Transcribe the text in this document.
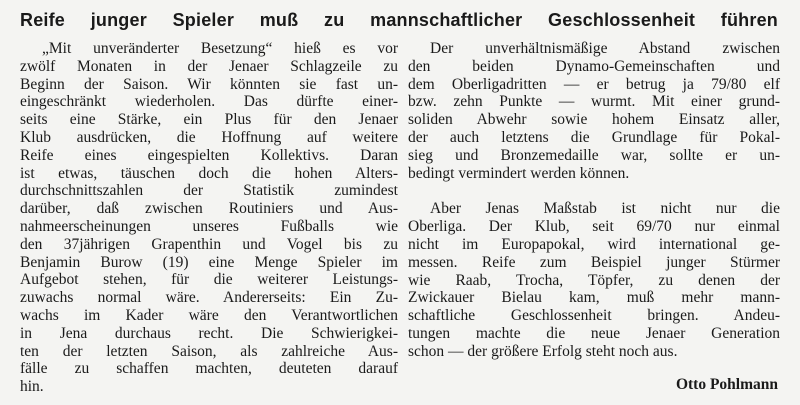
Reife junger Spieler muß zu mannschaftlicher Geschlossenheit führen
„Mit unveränderter Besetzung“ hieß es vor
zwölf Monaten in der Jenaer Schlagzeile zu
Beginn der Saison. Wir könnten sie fast un-
eingeschränkt wiederholen. Das dürfte einer-
seits eine Stärke, ein Plus für den Jenaer
Klub ausdrücken, die Hoffnung auf weitere
Reife eines eingespielten Kollektivs. Daran
ist etwas, täuschen doch die hohen Alters-
durchschnittszahlen der Statistik zumindest
darüber, daß zwischen Routiniers und Aus-
nahmeerscheinungen unseres Fußballs wie
den 37jährigen Grapenthin und Vogel bis zu
Benjamin Burow (19) eine Menge Spieler im
Aufgebot stehen, für die weiterer Leistungs-
zuwachs normal wäre. Andererseits: Ein Zu-
wachs im Kader wäre den Verantwortlichen
in Jena durchaus recht. Die Schwierigkei-
ten der letzten Saison, als zahlreiche Aus-
fälle zu schaffen machten, deuteten darauf
hin.
Der unverhältnismäßige Abstand zwischen
den beiden Dynamo-Gemeinschaften und
dem Oberligadritten — er betrug ja 79/80 elf
bzw. zehn Punkte — wurmt. Mit einer grund-
soliden Abwehr sowie hohem Einsatz aller,
der auch letztens die Grundlage für Pokal-
sieg und Bronzemedaille war, sollte er un-
bedingt vermindert werden können.
Aber Jenas Maßstab ist nicht nur die
Oberliga. Der Klub, seit 69/70 nur einmal
nicht im Europapokal, wird international ge-
messen. Reife zum Beispiel junger Stürmer
wie Raab, Trocha, Töpfer, zu denen der
Zwickauer Bielau kam, muß mehr mann-
schaftliche Geschlossenheit bringen. Andeu-
tungen machte die neue Jenaer Generation
schon — der größere Erfolg steht noch aus.
Otto Pohlmann
